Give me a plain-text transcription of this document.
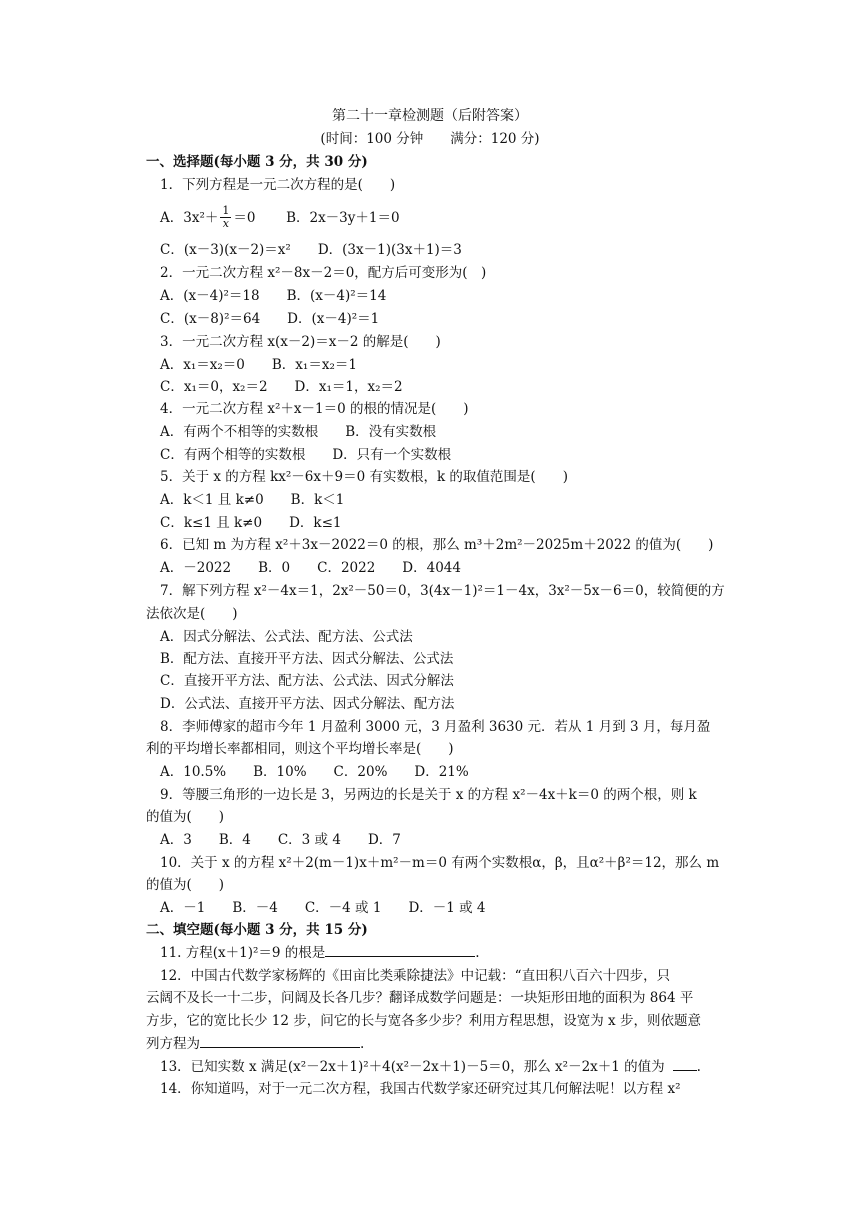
第二十一章检测题（后附答案）
(时间：100 分钟　　满分：120 分)
一、选择题(每小题 3 分，共 30 分)
1．下列方程是一元二次方程的是(　　)
A．$3x^2+ \frac{1}{x} =0$ B．2x－3y＋1＝0
C．(x－3)(x－2)＝x²　　D．(3x－1)(3x＋1)＝3
2．一元二次方程 x²－8x－2＝0，配方后可变形为(　)
A．(x－4)²＝18　　B．(x－4)²＝14
C．(x－8)²＝64　　D．(x－4)²＝1
3．一元二次方程 x(x－2)＝x－2 的解是(　　)
A．x₁＝x₂＝0　　B．x₁＝x₂＝1
C．x₁＝0，x₂＝2　　D．x₁＝1，x₂＝2
4．一元二次方程 x²＋x－1＝0 的根的情况是(　　)
A．有两个不相等的实数根　　B．没有实数根
C．有两个相等的实数根　　D．只有一个实数根
5．关于 x 的方程 kx²－6x＋9＝0 有实数根，k 的取值范围是(　　)
A．k＜1 且 k≠0　　B．k＜1
C．k≤1 且 k≠0　　D．k≤1
6．已知 m 为方程 x²＋3x－2022＝0 的根，那么 m³＋2m²－2025m＋2022 的值为(　　)
A．－2022　　B．0　　C．2022　　D．4044
7．解下列方程 x²－4x＝1，2x²－50＝0，3(4x－1)²＝1－4x，3x²－5x－6＝0，较简便的方
法依次是(　　)
A．因式分解法、公式法、配方法、公式法
B．配方法、直接开平方法、因式分解法、公式法
C．直接开平方法、配方法、公式法、因式分解法
D．公式法、直接开平方法、因式分解法、配方法
8．李师傅家的超市今年 1 月盈利 3000 元，3 月盈利 3630 元．若从 1 月到 3 月，每月盈
利的平均增长率都相同，则这个平均增长率是(　　)
A．10.5%　　B．10%　　C．20%　　D．21%
9．等腰三角形的一边长是 3，另两边的长是关于 x 的方程 x²－4x＋k＝0 的两个根，则 k
的值为(　　)
A．3　　B．4　　C．3 或 4　　D．7
10．关于 x 的方程 x²＋2(m－1)x＋m²－m＝0 有两个实数根α，β，且α²＋β²＝12，那么 m
的值为(　　)
A．－1　　B．－4　　C．－4 或 1　　D．－1 或 4
二、填空题(每小题 3 分，共 15 分)
11. 方程(x＋1)²＝9 的根是	.
12．中国古代数学家杨辉的《田亩比类乘除捷法》中记载：“直田积八百六十四步，只
云阔不及长一十二步，问阔及长各几步？翻译成数学问题是：一块矩形田地的面积为 864 平
方步，它的宽比长少 12 步，问它的长与宽各多少步？利用方程思想，设宽为 x 步，则依题意
列方程为	.
13．已知实数 x 满足(x²－2x＋1)²＋4(x²－2x＋1)－5＝0，那么 x²－2x＋1 的值为 .
14．你知道吗，对于一元二次方程，我国古代数学家还研究过其几何解法呢！以方程 x²
